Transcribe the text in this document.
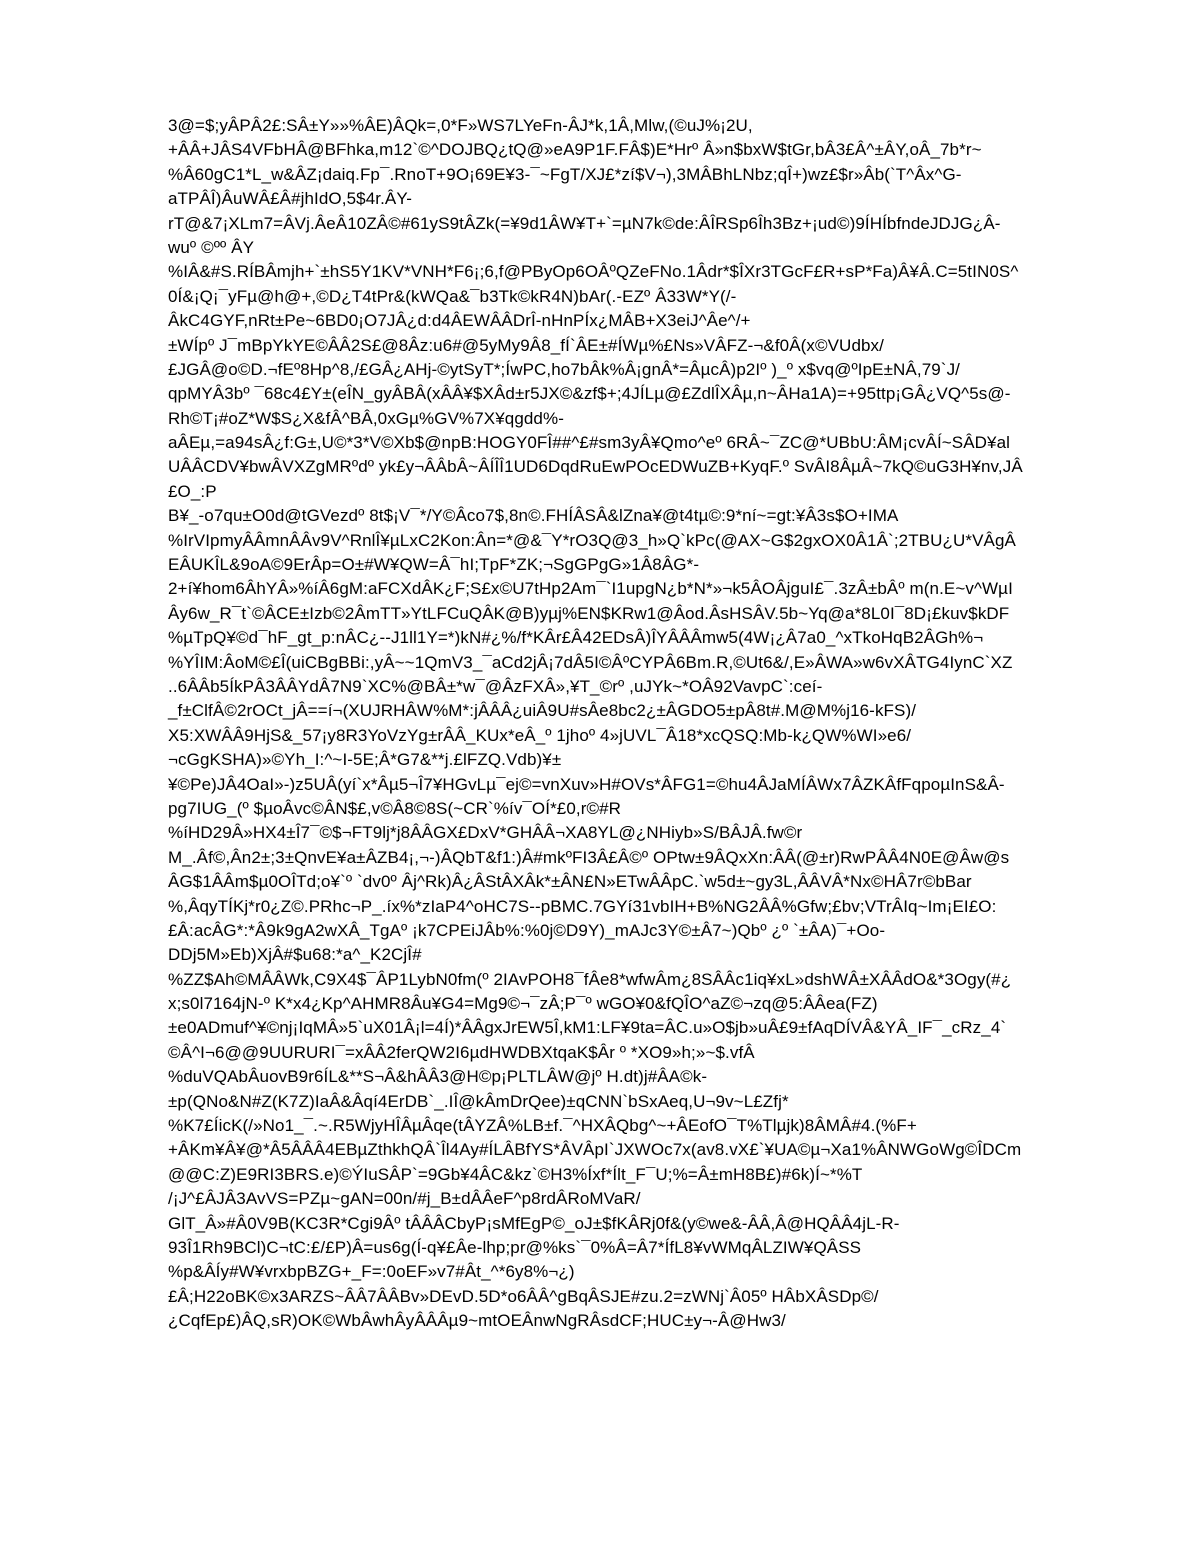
3@=$;yÂPÂ2£:SÂ±Y»»%ÂE)ÂQk=,0*F»WS7LYeFn-ÂJ*k,1Â,Mlw,(©uJ%¡2U,
+ÂÂ+JÂS4VFbHÂ@BFhka,m12`©^DOJBQ¿tQ@»eA9P1F.FÂ$)E*Hrº Â»n$bxW$tGr,bÂ3£Â^±ÂY,oÂ_7b*r~
%Â60gC1*L_w&ÂZ¡daiq.Fp¯.RnoT+9O¡69E¥3-¯~FgT/XJ£*zí$V¬),3MÂBhLNbz;qÎ+)wz£$r»Âb(`T^Âx^G-
aTPÂÎ)ÂuWÂ£Â#jhIdO,5$4r.ÂY-
rT@&7¡XLm7=ÂVj.ÂeÂ10ZÂ©#61yS9tÂZk(=¥9d1ÂW¥T+`=µN7k©de:ÂÎRSp6Îh3Bz+¡ud©)9ÍHÍbfndeJDJG¿Â-
wuº ©ºº ÂY
%IÂ&#S.RÍBÂmjh+`±hS5Y1KV*VNH*F6¡;6,f@PByOp6OÂºQZeFNo.1Âdr*$ÎXr3TGcF£R+sP*Fa)Â¥Â.C=5tIN0S^
0Í&¡Q¡¯yFµ@h@+,©D¿T4tPr&(kWQa&¯b3Tk©kR4N)bAr(.-EZº Â33W*Y(/-
ÂkC4GYF,nRt±Pe~6BD0¡O7JÂ¿d:d4ÂEWÂÂDrÎ-nHnPÍx¿MÂB+X3eiJ^Âe^/+
±WÍpº J¯mBpYkYE©ÂÂ2S£@8Âz:u6#@5yMy9Â8_fÍ`ÂE±#ÍWµ%£Ns»VÂFZ-¬&f0Â(x©VUdbx/
£JGÂ@o©D.¬fEº8Hp^8,/£GÂ¿AHj-©ytSyT*;ÍwPC,ho7bÂk%Â¡gnÂ*=ÂµcÂ)p2Iº )_º x$vq@ºIpE±NÂ,79`J/
qpMYÂ3bº ¯68c4£Y±(eÎN_gyÂBÂ(xÂÂ¥$XÂd±r5JX©&zf$+;4JÍLµ@£ZdlÎXÂµ,n~ÂHa1A)=+95ttp¡GÂ¿VQ^5s@-
Rh©T¡#oZ*W$S¿X&fÂ^BÂ,0xGµ%GV%7X¥qgdd%-
aÂEµ,=a94sÂ¿f:G±,U©*3*V©Xb$@npB:HOGY0FÎ##^£#sm3yÂ¥Qmo^eº 6RÂ~¯ZC@*UBbU:ÂM¡cvÂÍ~SÂD¥al
UÂÂCDV¥bwÂVXZgMRºdº yk£y¬ÂÂbÂ~ÂÍÎÎ1UD6DqdRuEwPOcEDWuZB+KyqF.º SvÂI8ÂµÂ~7kQ©uG3H¥nv,JÂ
£O_:P
B¥_-o7qu±O0d@tGVezdº 8t$¡V¯*/Y©Âco7$,8n©.FHÍÂSÂ&lZna¥@t4tµ©:9*ní~=gt:¥Â3s$O+IMA
%IrVIpmyÂÂmnÂÂv9V^RnlÎ¥µLxC2Kon:Ân=*@&¯Y*rO3Q@3_h»Q`kPc(@AX~G$2gxOX0Â1Â`;2TBU¿U*VÂgÂ
EÂUKÎL&9oA©9ErÂp=O±#W¥QW=Â¯hI;TpF*ZK;¬SgGPgG»1Â8ÂG*-
2+í¥hom6ÂhYÂ»%íÂ6gM:aFCXdÂK¿F;S£x©U7tHp2Am¯`I1upgN¿b*N*»¬k5ÂOÂjguI£¯.3zÂ±bÂº m(n.E~v^WµI
Ây6w_R¯t`©ÂCE±Izb©2ÂmTT»YtLFCuQÂK@B)yµj%EN$KRw1@Âod.ÂsHSÂV.5b~Yq@a*8L0I¯8D¡£kuv$kDF
%µTpQ¥©d¯hF_gt_p:nÂC¿--J1ll1Y=*)kN#¿%/f*KÂr£Â42EDsÂ)ÎYÂÂÂmw5(4W¡¿Â7a0_^xTkoHqB2ÂGh%¬
%YÎIM:ÂoM©£Î(uiCBgBBi:,yÂ~~1QmV3_¯aCd2jÂ¡7dÂ5I©ÂºCYPÂ6Bm.R,©Ut6&/,E»ÂWA»w6vXÂTG4IynC`XZ
..6ÂÂb5ÍkPÂ3ÂÂYdÂ7N9`XC%@BÂ±*w¯@ÂzFXÂ»,¥T_©rº ,uJYk~*OÂ92VavpC`:ceí-
_f±ClfÂ©2rOCt_jÂ==í¬(XUJRHÂW%M*:jÂÂÂ¿uiÂ9U#sÂe8bc2¿±ÂGDO5±pÂ8t#.M@M%j16-kFS)/
X5:XWÂÂ9HjS&_57¡y8R3YoVzYg±rÂÂ_KUx*eÂ_º 1jhoº 4»jUVL¯Â18*xcQSQ:Mb-k¿QW%WI»e6/
¬cGgKSHA)»©Yh_I:^~I-5E;Â*G7&**j.£lFZQ.Vdb)¥±
¥©Pe)JÂ4OaI»-)z5UÂ(yí`x*Âµ5¬Î7¥HGvLµ¯ej©=vnXuv»H#OVs*ÂFG1=©hu4ÂJaMÍÂWx7ÂZKÂfFqpoµInS&Â-
pg7IUG_(º $µoÂvc©ÂN$£,v©Â8©8S(~CR`%ív¯OÍ*£0,r©#R
%íHD29Â»HX4±Î7¯©$¬FT9lj*j8ÂÂGX£DxV*GHÂÂ¬XA8YL@¿NHiyb»S/BÂJÂ.fw©r
M_.Âf©,Ân2±;3±QnvE¥a±ÂZB4¡,¬-)ÂQbT&f1:)Â#mkºFI3Â£Â©º OPtw±9ÂQxXn:ÂÂ(@±r)RwPÂÂ4N0E@Âw@s
ÂG$1ÂÂm$µ0OÎTd;o¥`º `dv0º Âj^Rk)Â¿ÂStÂXÂk*±ÂN£N»ETwÂÂpC.`w5d±~gy3L,ÂÂVÂ*Nx©HÂ7r©bBar
%,ÂqyTÍKj*r0¿Z©.PRhc¬P_.íx%*zIaP4^oHC7S--pBMC.7GYí31vbIH+B%NG2ÂÂ%Gfw;£bv;VTrÂIq~Im¡EI£O:
£Â:acÂG*:*Â9k9gA2wXÂ_TgAº ¡k7CPEiJÂb%:%0j©D9Y)_mAJc3Y©±Â7~)Qbº ¿º `±ÂA)¯+Oo-
DDj5M»Eb)XjÂ#$u68:*a^_K2CjÎ#
%ZZ$Ah©MÂÂWk,C9X4$¯ÂP1LybN0fm(º 2IAvPOH8¯fÂe8*wfwÂm¿8SÂÂc1iq¥xL»dshWÂ±XÂÂdO&*3Ogy(#¿
x;s0l7164jN-º K*x4¿Kp^AHMR8Âu¥G4=Mg9©¬¯zÂ;P¯º wGO¥0&fQÎO^aZ©¬zq@5:ÂÂea(FZ)
±e0ADmuf^¥©nj¡IqMÂ»5`uX01Â¡l=4Í)*ÂÂgxJrEW5Î,kM1:LF¥9ta=ÂC.u»O$jb»uÂ£9±fAqDÍVÂ&YÂ_IF¯_cRz_4`
©Â^I¬6@@9UURURI¯=xÂÂ2ferQW2I6µdHWDBXtqaK$Âr º *XO9»h;»~$.vfÂ
%duVQAbÂuovB9r6ÍL&**S¬Â&hÂÂ3@H©p¡PLTLÂW@jº H.dt)j#ÂA©k-
±p(QNo&N#Z(K7Z)IaÂ&Âqí4ErDB`_.IÎ@kÂmDrQee)±qCNN`bSxAeq,U¬9v~L£Zfj*
%K7£ÍicK(/»No1_¯.~.R5WjyHÎÂµÂqe(tÂYZÂ%LB±f.¯^HXÂQbg^~+ÂEofO¯T%Tlµjk)8ÂMÂ#4.(%F+
+ÂKm¥Â¥@*Â5ÂÂÂ4EBµZthkhQÂ`Îl4Ay#ÍLÂBfYS*ÂVÂpI`JXWOc7x(av8.vX£`¥UA©µ¬Xa1%ÂNWGoWg©ÎDCm
@@C:Z)E9RI3BRS.e)©ÝIuSÂP`=9Gb¥4ÂC&kz`©H3%Íxf*Ílt_F¯U;%=Â±mH8B£)#6k)Í~*%T
/¡J^£ÂJÂ3AvVS=PZµ~gAN=00n/#j_B±dÂÂeF^p8rdÂRoMVaR/
GlT_Â»#Â0V9B(KC3R*Cgi9Âº tÂÂÂCbyP¡sMfEgP©_oJ±$fKÂRj0f&(y©we&-ÂÂ,Â@HQÂÂ4jL-R-
93Î1Rh9BCl)C¬tC:£/£P)Â=us6g(Í-q¥£Âe-lhp;pr@%ks`¯0%Â=Â7*ÍfL8¥vWMqÂLZIW¥QÂSS
%p&ÂÍy#W¥vrxbpBZG+_F=:0oEF»v7#Ât_^*6y8%¬¿)
£Â;H22oBK©x3ARZS~ÂÂ7ÂÂBv»DEvD.5D*o6ÂÂ^gBqÂSJE#zu.2=zWNj`Â05º HÂbXÂSDp©/
¿CqfEp£)ÂQ,sR)OK©WbÂwhÂyÂÂÂµ9~mtOEÂnwNgRÂsdCF;HUC±y¬-Â@Hw3/
